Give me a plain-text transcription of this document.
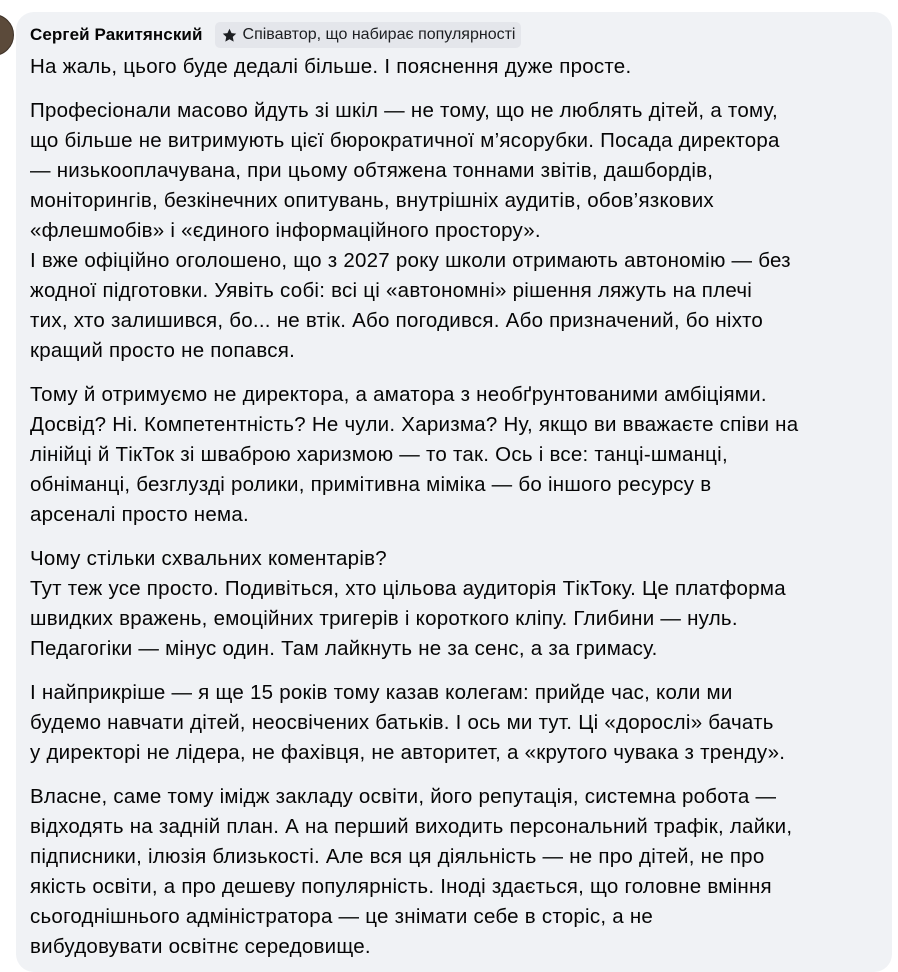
Сергей Ракитянский	Співавтор, що набирає популярності

На жаль, цього буде дедалі більше. І пояснення дуже просте.

Професіонали масово йдуть зі шкіл — не тому, що не люблять дітей, а тому,
що більше не витримують цієї бюрократичної м’ясорубки. Посада директора
— низькооплачувана, при цьому обтяжена тоннами звітів, дашбордів,
моніторингів, безкінечних опитувань, внутрішніх аудитів, обов’язкових
«флешмобів» і «єдиного інформаційного простору».
І вже офіційно оголошено, що з 2027 року школи отримають автономію — без
жодної підготовки. Уявіть собі: всі ці «автономні» рішення ляжуть на плечі
тих, хто залишився, бо... не втік. Або погодився. Або призначений, бо ніхто
кращий просто не попався.

Тому й отримуємо не директора, а аматора з необґрунтованими амбіціями.
Досвід? Ні. Компетентність? Не чули. Харизма? Ну, якщо ви вважаєте співи на
лінійці й ТікТок зі шваброю харизмою — то так. Ось і все: танці-шманці,
обніманці, безглузді ролики, примітивна міміка — бо іншого ресурсу в
арсеналі просто нема.

Чому стільки схвальних коментарів?
Тут теж усе просто. Подивіться, хто цільова аудиторія ТікТоку. Це платформа
швидких вражень, емоційних тригерів і короткого кліпу. Глибини — нуль.
Педагогіки — мінус один. Там лайкнуть не за сенс, а за гримасу.

І найприкріше — я ще 15 років тому казав колегам: прийде час, коли ми
будемо навчати дітей, неосвічених батьків. І ось ми тут. Ці «дорослі» бачать
у директорі не лідера, не фахівця, не авторитет, а «крутого чувака з тренду».

Власне, саме тому імідж закладу освіти, його репутація, системна робота —
відходять на задній план. А на перший виходить персональний трафік, лайки,
підписники, ілюзія близькості. Але вся ця діяльність — не про дітей, не про
якість освіти, а про дешеву популярність. Іноді здається, що головне вміння
сьогоднішнього адміністратора — це знімати себе в сторіс, а не
вибудовувати освітнє середовище.
